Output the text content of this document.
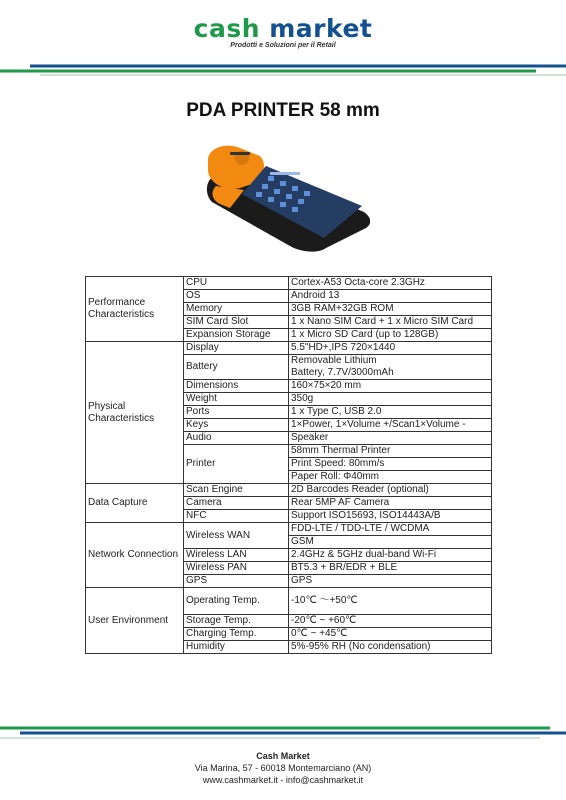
cash market
Prodotti e Soluzioni per il Retail
PDA PRINTER 58 mm
Performance Characteristics	CPU	Cortex-A53 Octa-core 2.3GHz

	OS	Android 13

	Memory	3GB RAM+32GB ROM

	SIM Card Slot	1 x Nano SIM Card + 1 x Micro SIM Card

	Expansion Storage	1 x Micro SD Card (up to 128GB)

Physical Characteristics	Display	5.5"HD+,IPS 720×1440

	Battery	Removable Lithium
Battery, 7.7V/3000mAh

	Dimensions	160×75×20 mm

	Weight	350g

	Ports	1 x Type C, USB 2.0

	Keys	1×Power, 1×Volume +/Scan1×Volume -

	Audio	Speaker

	Printer	58mm Thermal Printer
		Print Speed: 80mm/s
		Paper Roll: Φ40mm
Data Capture	Scan Engine	2D Barcodes Reader (optional)

	Camera	Rear 5MP AF Camera

	NFC	Support ISO15693, ISO14443A/B

Network Connection	Wireless WAN	FDD-LTE / TDD-LTE / WCDMA
		GSM
	Wireless LAN	2.4GHz & 5GHz dual-band Wi-Fi

	Wireless PAN	BT5.3 + BR/EDR + BLE

	GPS	GPS

User Environment	Operating Temp.	-10℃ ～+50℃

	Storage Temp.	-20℃ ~ +60℃

	Charging Temp.	0℃ ~ +45℃

	Humidity	5%-95% RH (No condensation)
Cash Market
Via Marina, 57 - 60018 Montemarciano (AN)
www.cashmarket.it - info@cashmarket.it
